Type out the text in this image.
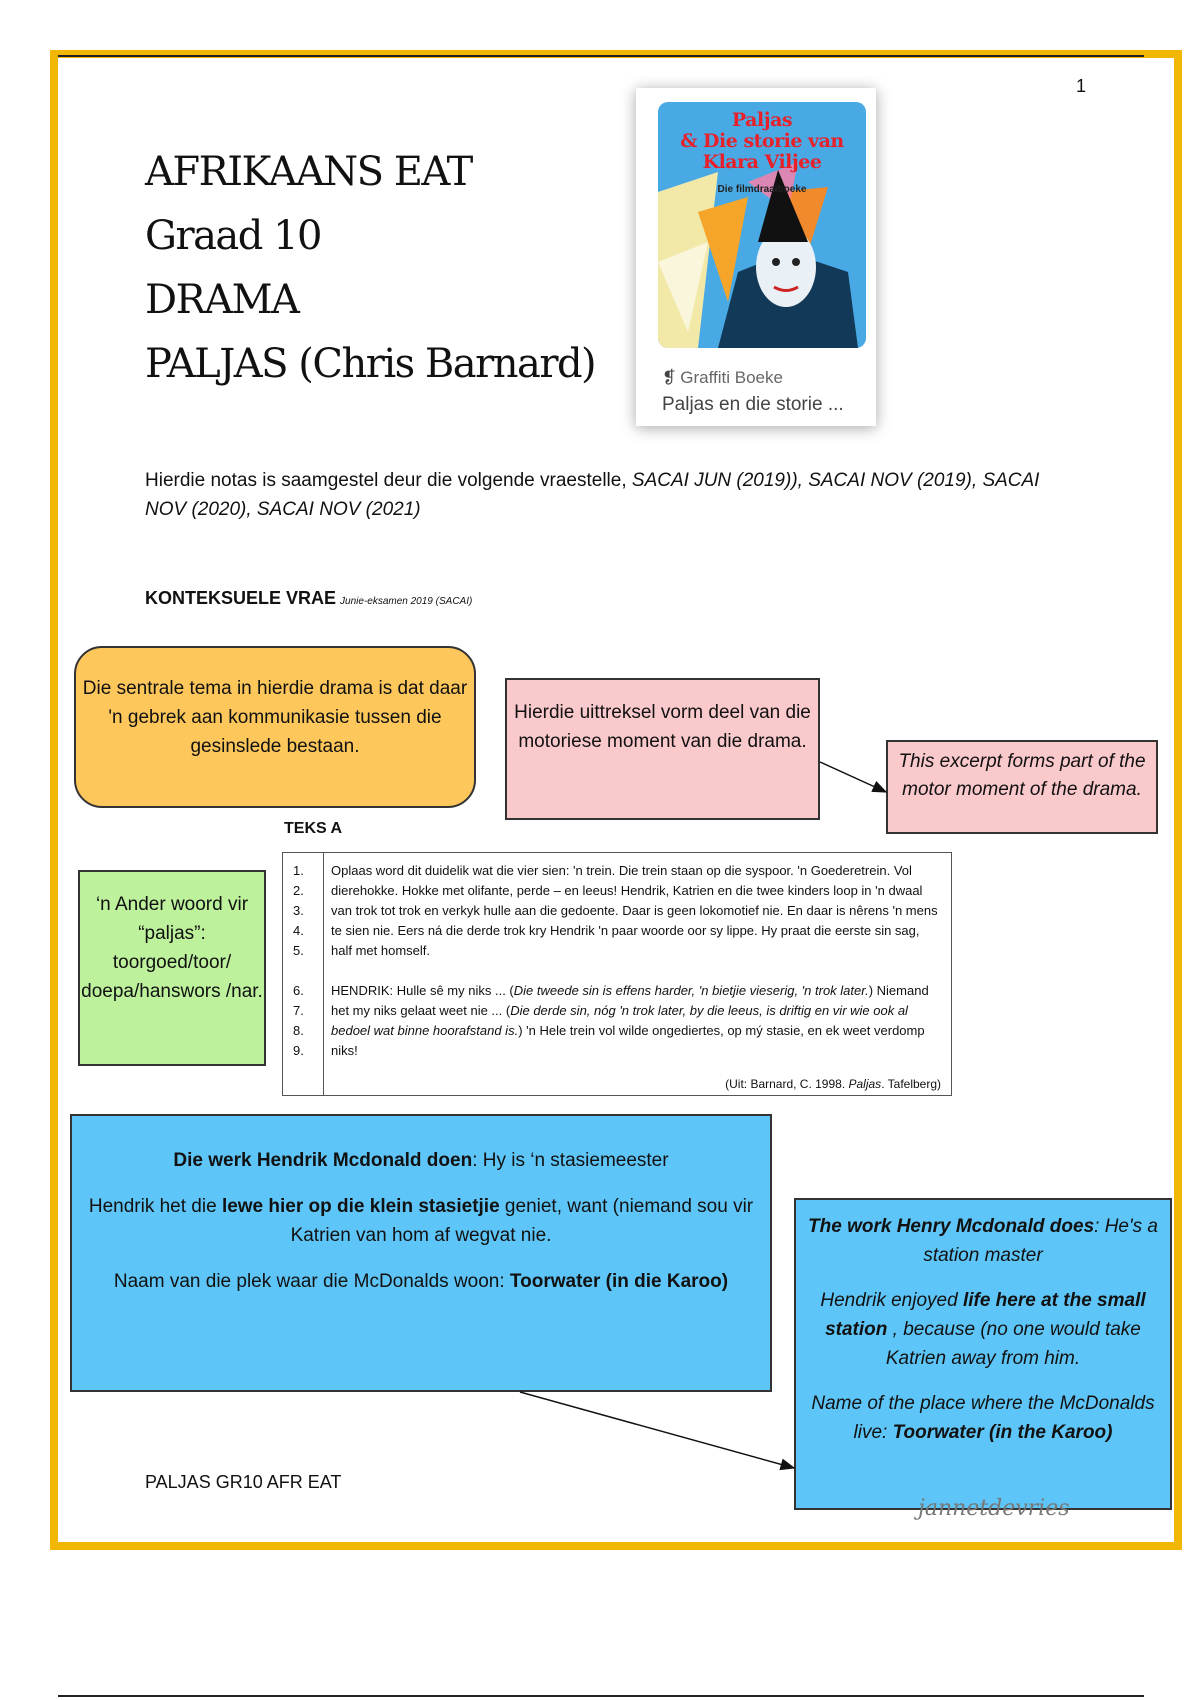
1
AFRIKAANS EAT
Graad 10
DRAMA
PALJAS (Chris Barnard)
Paljas
& Die storie van
Klara Viljee
Die filmdraaiboeke
❡ Graffiti Boeke
Paljas en die storie ...
Hierdie notas is saamgestel deur die volgende vraestelle, SACAI JUN (2019)), SACAI NOV (2019), SACAI NOV (2020), SACAI NOV (2021)
KONTEKSUELE VRAE Junie-eksamen 2019 (SACAI)
Die sentrale tema in hierdie drama is dat daar 'n gebrek aan kommunikasie tussen die gesinslede bestaan.
Hierdie uittreksel vorm deel van die motoriese moment van die drama.
This excerpt forms part of the motor moment of the drama.
‘n Ander woord vir “paljas”: toorgoed/toor/ doepa/hanswors /nar.
TEKS A
1.
2.
3.
4.
5.
6.
7.
8.
9.
Oplaas word dit duidelik wat die vier sien: 'n trein. Die trein staan op die syspoor. 'n Goederetrein. Vol dierehokke. Hokke met olifante, perde – en leeus! Hendrik, Katrien en die twee kinders loop in 'n dwaal van trok tot trok en verkyk hulle aan die gedoente. Daar is geen lokomotief nie. En daar is nêrens 'n mens te sien nie. Eers ná die derde trok kry Hendrik 'n paar woorde oor sy lippe. Hy praat die eerste sin sag, half met homself.
HENDRIK: Hulle sê my niks ... (Die tweede sin is effens harder, 'n bietjie vieserig, 'n trok later.) Niemand het my niks gelaat weet nie ... (Die derde sin, nóg 'n trok later, by die leeus, is driftig en vir wie ook al bedoel wat binne hoorafstand is.) 'n Hele trein vol wilde ongediertes, op mý stasie, en ek weet verdomp niks!
(Uit: Barnard, C. 1998. Paljas. Tafelberg)

Die werk Hendrik Mcdonald doen: Hy is ‘n stasiemeester

Hendrik het die lewe hier op die klein stasietjie geniet, want (niemand sou vir Katrien van hom af wegvat nie.

Naam van die plek waar die McDonalds woon: Toorwater (in die Karoo)

The work Henry Mcdonald does: He's a station master

Hendrik enjoyed life here at the small station , because (no one would take Katrien away from him.

Name of the place where the McDonalds live: Toorwater (in the Karoo)

PALJAS GR10 AFR EAT
jannetdevries
